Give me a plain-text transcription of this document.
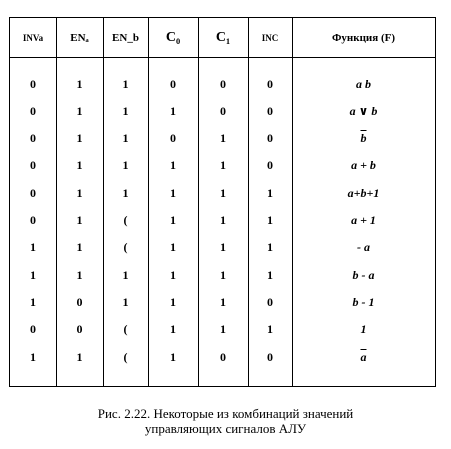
INVa	ENₐ	EN_b	C₀	C₁	INC	Функция (F)
0	1	1	0	0	0	a b
0	1	1	1	0	0	a ∨ b
0	1	1	0	1	0	$\overline{b}$
0	1	1	1	1	0	a + b
0	1	1	1	1	1	a+b+1
0	1	(	1	1	1	a + 1
1	1	(	1	1	1	- a
1	1	1	1	1	1	b - a
1	0	1	1	1	0	b - 1
0	0	(	1	1	1	1
1	1	(	1	0	0	$\overline{a}$
Рис. 2.22. Некоторые из комбинаций значений
управляющих сигналов АЛУ
